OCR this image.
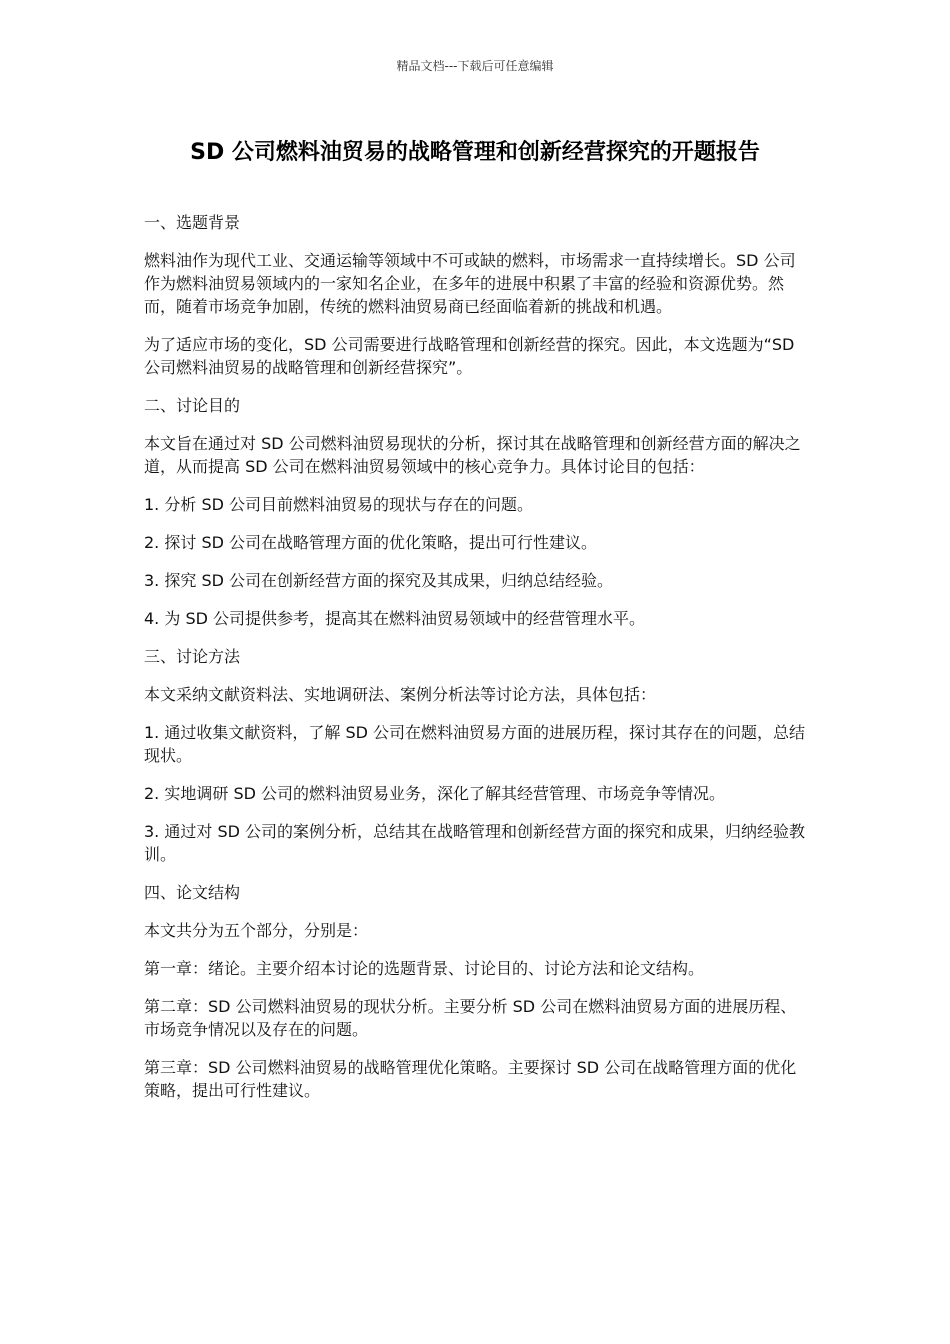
精品文档---下载后可任意编辑
SD 公司燃料油贸易的战略管理和创新经营探究的开题报告

一、选题背景

燃料油作为现代工业、交通运输等领域中不可或缺的燃料，市场需求一直持续增长。SD 公司作为燃料油贸易领域内的一家知名企业，在多年的进展中积累了丰富的经验和资源优势。然而，随着市场竞争加剧，传统的燃料油贸易商已经面临着新的挑战和机遇。

为了适应市场的变化，SD 公司需要进行战略管理和创新经营的探究。因此，本文选题为“SD 公司燃料油贸易的战略管理和创新经营探究”。

二、讨论目的

本文旨在通过对 SD 公司燃料油贸易现状的分析，探讨其在战略管理和创新经营方面的解决之道，从而提高 SD 公司在燃料油贸易领域中的核心竞争力。具体讨论目的包括：

1. 分析 SD 公司目前燃料油贸易的现状与存在的问题。

2. 探讨 SD 公司在战略管理方面的优化策略，提出可行性建议。

3. 探究 SD 公司在创新经营方面的探究及其成果，归纳总结经验。

4. 为 SD 公司提供参考，提高其在燃料油贸易领域中的经营管理水平。

三、讨论方法

本文采纳文献资料法、实地调研法、案例分析法等讨论方法，具体包括：

1. 通过收集文献资料，了解 SD 公司在燃料油贸易方面的进展历程，探讨其存在的问题，总结现状。

2. 实地调研 SD 公司的燃料油贸易业务，深化了解其经营管理、市场竞争等情况。

3. 通过对 SD 公司的案例分析，总结其在战略管理和创新经营方面的探究和成果，归纳经验教训。

四、论文结构

本文共分为五个部分，分别是：

第一章：绪论。主要介绍本讨论的选题背景、讨论目的、讨论方法和论文结构。

第二章：SD 公司燃料油贸易的现状分析。主要分析 SD 公司在燃料油贸易方面的进展历程、市场竞争情况以及存在的问题。

第三章：SD 公司燃料油贸易的战略管理优化策略。主要探讨 SD 公司在战略管理方面的优化策略，提出可行性建议。
